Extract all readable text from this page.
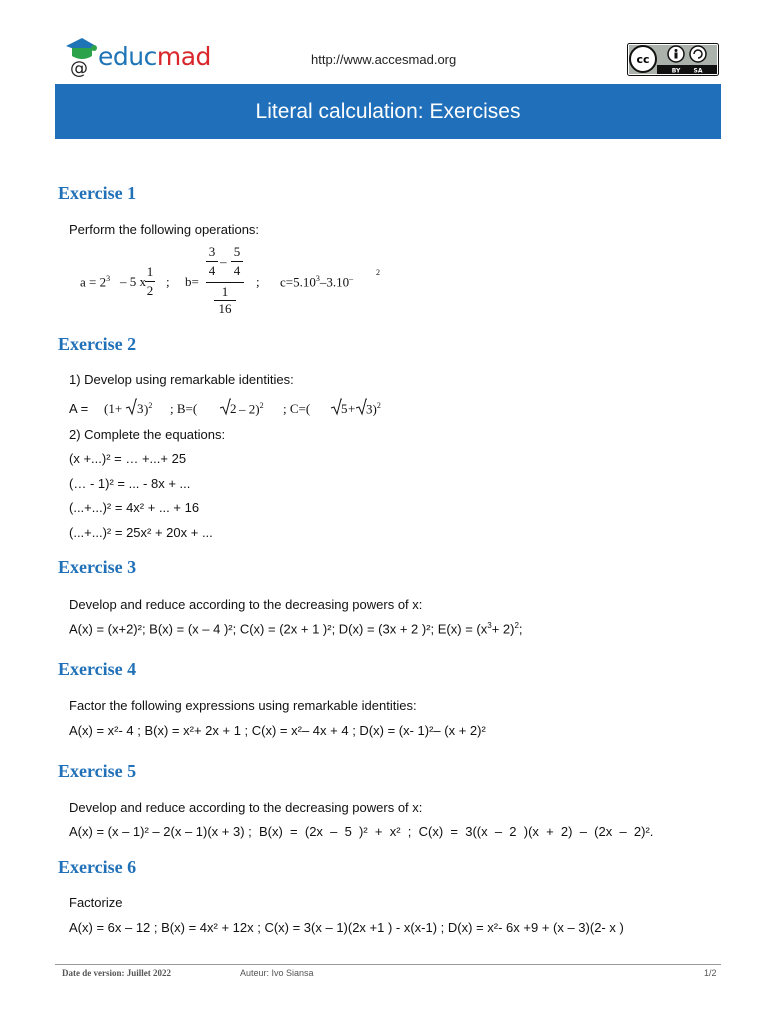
@ educmad	http://www.accesmad.org	cc
BY SA
Literal calculation: Exercises
Exercise 1
Perform the following operations:
$a = 2^3 - 5$ x
1
2
; b=
3
4
–
5
4
1
16
; $c=5.10^3-3.10^-$
2
Exercise 2
1) Develop using remarkable identities:
A = (1+ 3 )$^2$ ; B=(	2 – 2)$^2$ ; C=( 5 + 3)$^2$
2) Complete the equations:
(x +...)² = … +...+ 25
(… - 1)² = ... - 8x + ...
(...+...)² = 4x² + ... + 16
(...+...)² = 25x² + 20x + ...
Exercise 3
Develop and reduce according to the decreasing powers of x:
A(x) = (x+2)²; B(x) = (x – 4 )²; C(x) = (2x + 1 )²; D(x) = (3x + 2 )²; $E(x) = (x^3+ 2)^2$;
Exercise 4
Factor the following expressions using remarkable identities:
A(x) = x²- 4 ; B(x) = x²+ 2x + 1 ; C(x) = x²– 4x + 4 ; D(x) = (x- 1)²– (x + 2)²
Exercise 5
Develop and reduce according to the decreasing powers of x:
A(x) = (x – 1)² – 2(x – 1)(x + 3) ;  B(x)  =  (2x  –  5  )²  +  x²  ;  C(x)  =  3((x  –  2  )(x  +  2)  –  (2x  –  2)².
Exercise 6
Factorize
A(x) = 6x – 12 ; B(x) = 4x² + 12x ; C(x) = 3(x – 1)(2x +1 ) - x(x-1) ; D(x) = x²- 6x +9 + (x – 3)(2- x )
Date de version: Juillet 2022	Auteur: Ivo Siansa	1/2
